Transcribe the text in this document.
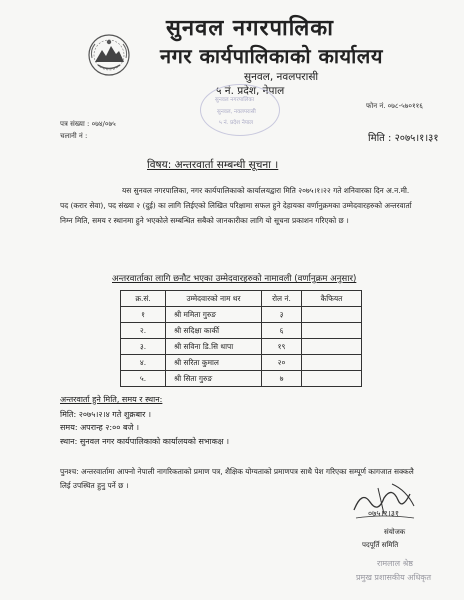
सुनवल नगरपालिका
नगर कार्यपालिकाको कार्यालय
सुनवल, नवलपरासी
५ नं. प्रदेश, नेपाल
सुनवल नगरपालिका
सुनवल, नवलपरासी
५ नं. प्रदेश नेपाल
फोन नं. ०७८-५७०११६
पत्र संख्या : ०७४/०७५
चलानी नं :	मिति : २०७५।१।३१
विषय: अन्तरवार्ता सम्बन्धी सूचना ।
यस सुनवल नगरपालिका, नगर कार्यपालिकाको कार्यालयद्वारा मिति २०७५।१।२२ गते शनिवारका दिन अ.न.मी. पद (करार सेवा), पद संख्या २ (दुई) का लागि लिईएको लिखित परिक्षामा सफल हुने देहायका वर्णानुक्रमका उम्मेदवारहरुको अन्तरवार्ता निम्न मिति, समय र स्थानमा हुने भएकोले सम्बन्धित सबैको जानकारीका लागि यो सूचना प्रकाशन गरिएको छ ।
अन्तरवार्ताका लागि छनौट भएका उम्मेदवारहरुको नामावली (वर्णानुक्रम अनुसार)
क्र.सं.	उम्मेदवारको नाम थर	रोल नं.	कैफियत
१	श्री ममिता गुरुङ	३	
२.	श्री सदिक्षा कार्की	६	
३.	श्री सविना डि.सि थापा	१९	
४.	श्री सरिता कुमाल	२०	
५.	श्री सिता गुरुङ	७	
अन्तरवार्ता हुने मिति, समय र स्थान:
मिति: २०७५।२।४ गते शुक्रबार ।
समय: अपरान्ह २:०० बजे ।
स्थान: सुनवल नगर कार्यपालिकाको कार्यालयको सभाकक्ष ।
पुनश्च: अन्तरवार्तामा आफ्नो नेपाली नागरिकताको प्रमाण पत्र, शैक्षिक योग्यताको प्रमाणपत्र साथै पेश गरिएका सम्पूर्ण कागजात सक्कलै लिई उपस्थित हुनु पर्ने छ ।
०७५।१।३१
संयोजक
पदपूर्ति समिति
रामलाल श्रेष्ठ
प्रमुख प्रशासकीय अधिकृत
